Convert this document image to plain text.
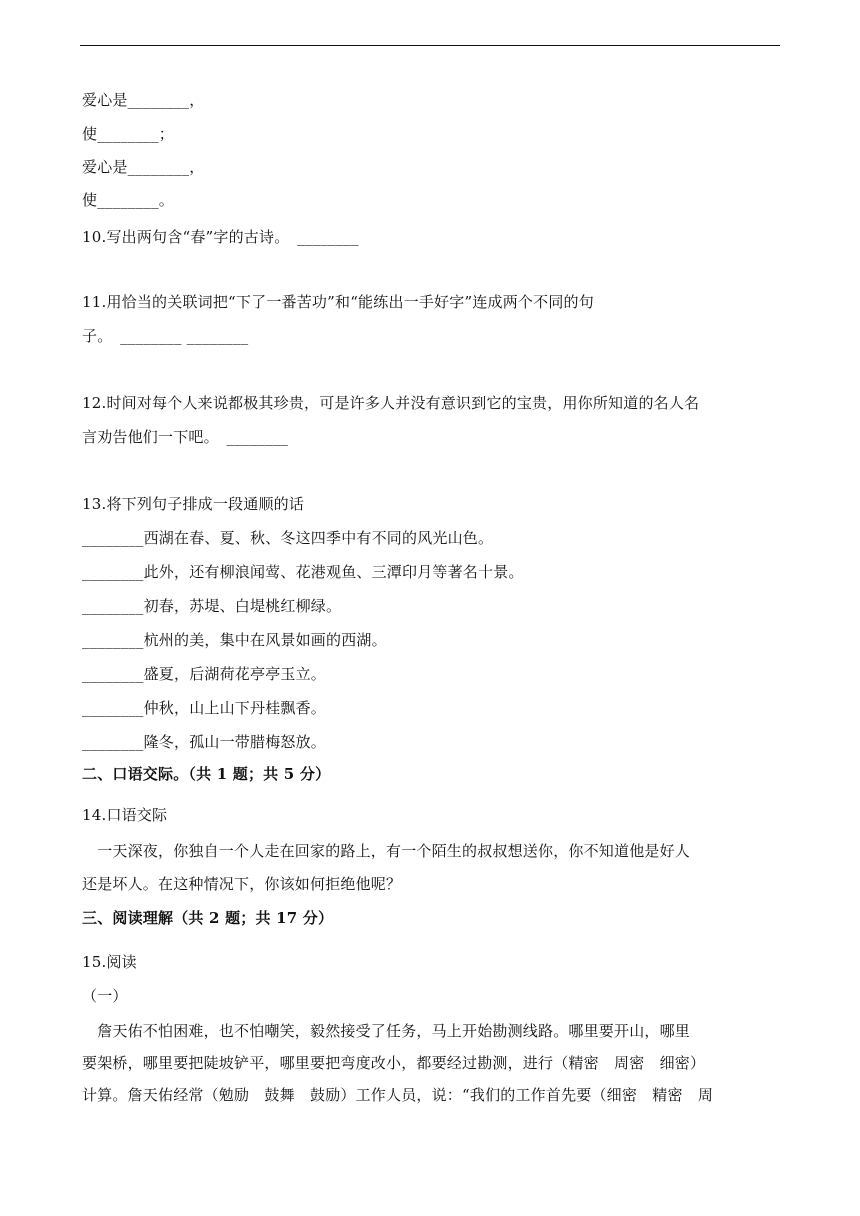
爱心是________，
使________；
爱心是________，
使________。
10.写出两句含“春”字的古诗。　________
11.用恰当的关联词把“下了一番苦功”和“能练出一手好字”连成两个不同的句
子。　________ ________
12.时间对每个人来说都极其珍贵，可是许多人并没有意识到它的宝贵，用你所知道的名人名
言劝告他们一下吧。　________
13.将下列句子排成一段通顺的话
________西湖在春、夏、秋、冬这四季中有不同的风光山色。
________此外，还有柳浪闻莺、花港观鱼、三潭印月等著名十景。
________初春，苏堤、白堤桃红柳绿。
________杭州的美，集中在风景如画的西湖。
________盛夏，后湖荷花亭亭玉立。
________仲秋，山上山下丹桂飘香。
________隆冬，孤山一带腊梅怒放。
二、口语交际。（共 1 题；共 5 分）
14.口语交际
　一天深夜，你独自一个人走在回家的路上，有一个陌生的叔叔想送你，你不知道他是好人
还是坏人。在这种情况下，你该如何拒绝他呢？
三、阅读理解（共 2 题；共 17 分）
15.阅读
（一）
　詹天佑不怕困难，也不怕嘲笑，毅然接受了任务，马上开始勘测线路。哪里要开山，哪里
要架桥，哪里要把陡坡铲平，哪里要把弯度改小，都要经过勘测，进行（精密　周密　细密）
计算。詹天佑经常（勉励　鼓舞　鼓励）工作人员，说：“我们的工作首先要（细密　精密　周
